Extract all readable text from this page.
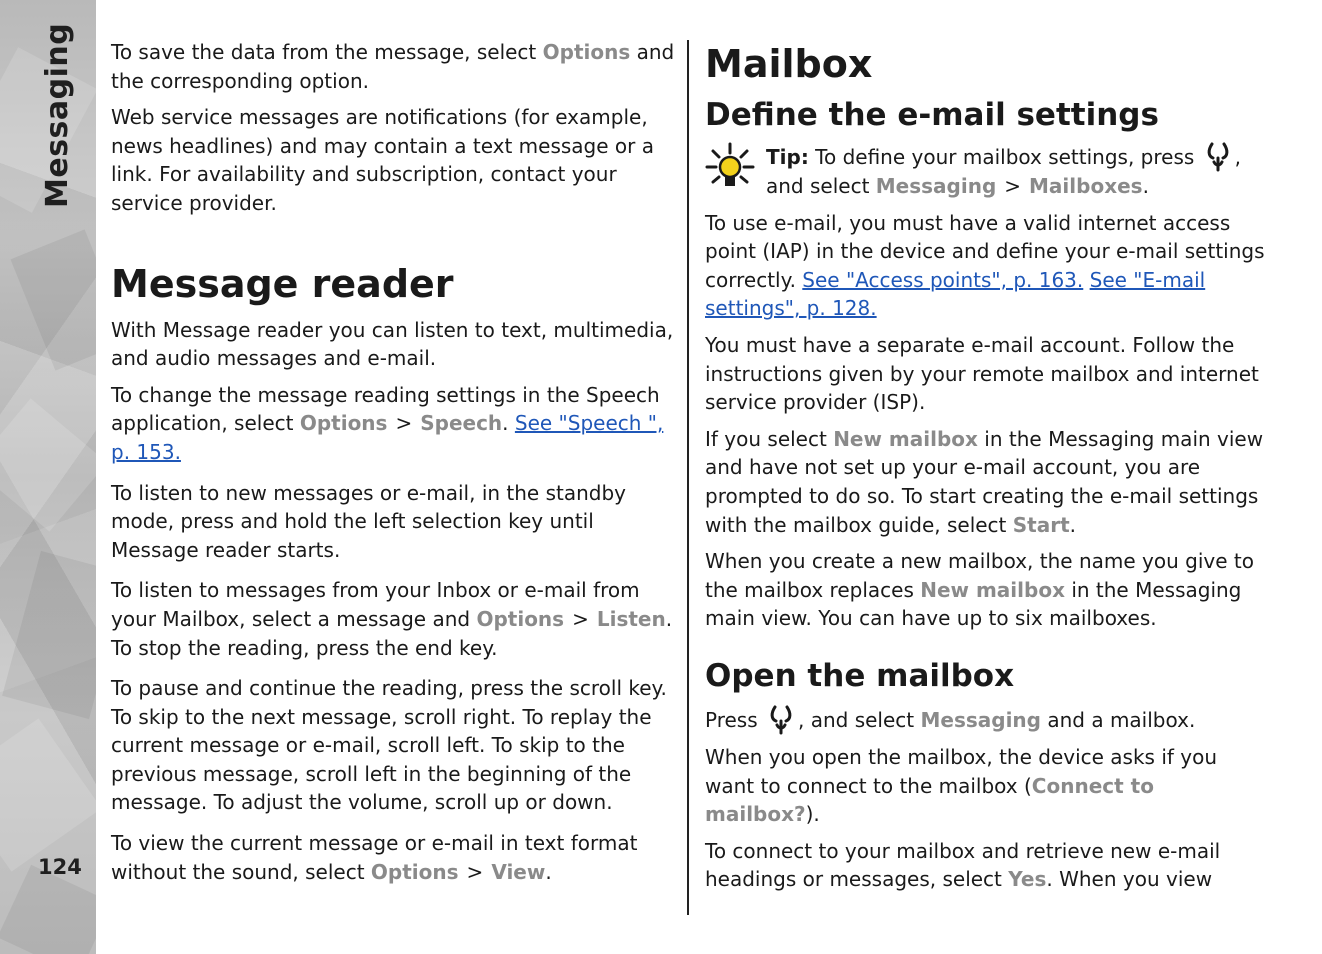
Messaging
124

To save the data from the message, select Options and the corresponding option.

Web service messages are notifications (for example, news headlines) and may contain a text message or a link. For availability and subscription, contact your service provider.

Message reader

With Message reader you can listen to text, multimedia, and audio messages and e-mail.

To change the message reading settings in the Speech application, select Options > Speech. See "Speech ", p. 153.

To listen to new messages or e-mail, in the standby mode, press and hold the left selection key until Message reader starts.

To listen to messages from your Inbox or e-mail from your Mailbox, select a message and Options > Listen. To stop the reading, press the end key.

To pause and continue the reading, press the scroll key. To skip to the next message, scroll right. To replay the current message or e-mail, scroll left. To skip to the previous message, scroll left in the beginning of the message. To adjust the volume, scroll up or down.

To view the current message or e-mail in text format without the sound, select Options > View.

Mailbox
Define the e-mail settings
Tip: To define your mailbox settings, press , and select Messaging > Mailboxes.

To use e-mail, you must have a valid internet access point (IAP) in the device and define your e-mail settings correctly. See "Access points", p. 163. See "E-mail settings", p. 128.

You must have a separate e-mail account. Follow the instructions given by your remote mailbox and internet service provider (ISP).

If you select New mailbox in the Messaging main view and have not set up your e-mail account, you are prompted to do so. To start creating the e-mail settings with the mailbox guide, select Start.

When you create a new mailbox, the name you give to the mailbox replaces New mailbox in the Messaging main view. You can have up to six mailboxes.

Open the mailbox

Press , and select Messaging and a mailbox.

When you open the mailbox, the device asks if you want to connect to the mailbox (Connect to mailbox?).

To connect to your mailbox and retrieve new e-mail headings or messages, select Yes. When you view
